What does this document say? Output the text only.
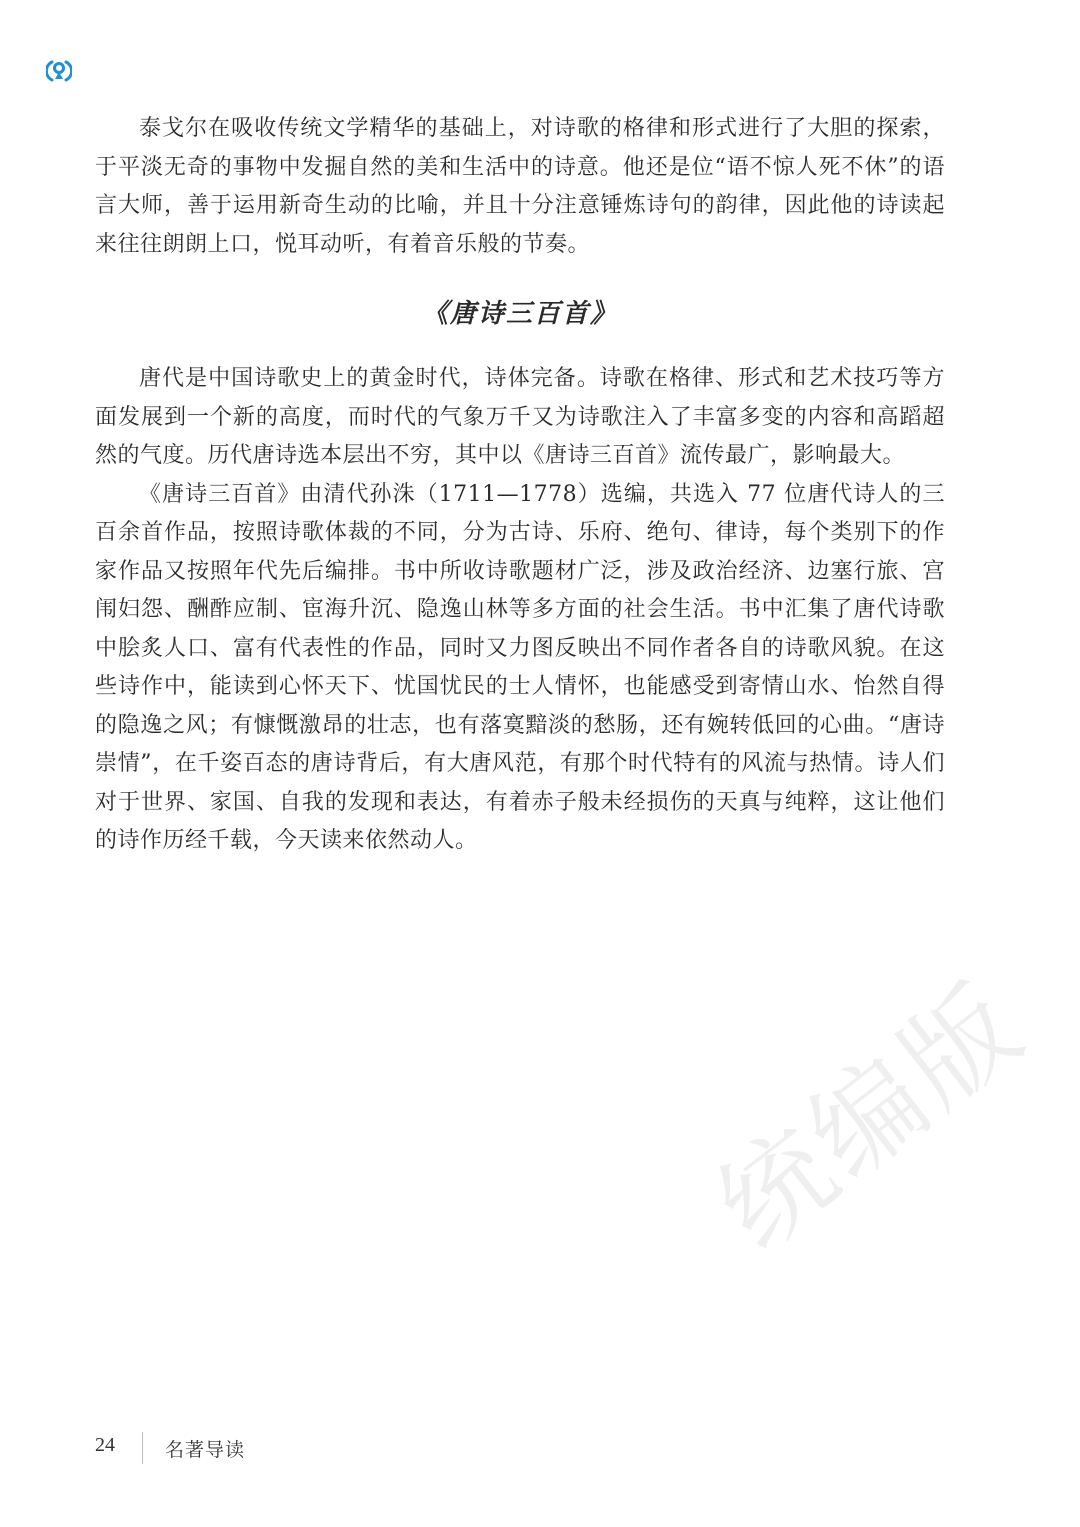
泰戈尔在吸收传统文学精华的基础上，对诗歌的格律和形式进行了大胆的探索，于平淡无奇的事物中发掘自然的美和生活中的诗意。他还是位“语不惊人死不休”的语言大师，善于运用新奇生动的比喻，并且十分注意锤炼诗句的韵律，因此他的诗读起来往往朗朗上口，悦耳动听，有着音乐般的节奏。

《唐诗三百首》

唐代是中国诗歌史上的黄金时代，诗体完备。诗歌在格律、形式和艺术技巧等方面发展到一个新的高度，而时代的气象万千又为诗歌注入了丰富多变的内容和高蹈超然的气度。历代唐诗选本层出不穷，其中以《唐诗三百首》流传最广，影响最大。

《唐诗三百首》由清代孙洙（1711—1778）选编，共选入 77 位唐代诗人的三百余首作品，按照诗歌体裁的不同，分为古诗、乐府、绝句、律诗，每个类别下的作家作品又按照年代先后编排。书中所收诗歌题材广泛，涉及政治经济、边塞行旅、宫闱妇怨、酬酢应制、宦海升沉、隐逸山林等多方面的社会生活。书中汇集了唐代诗歌中脍炙人口、富有代表性的作品，同时又力图反映出不同作者各自的诗歌风貌。在这些诗作中，能读到心怀天下、忧国忧民的士人情怀，也能感受到寄情山水、怡然自得的隐逸之风；有慷慨激昂的壮志，也有落寞黯淡的愁肠，还有婉转低回的心曲。“唐诗崇情”，在千姿百态的唐诗背后，有大唐风范，有那个时代特有的风流与热情。诗人们对于世界、家国、自我的发现和表达，有着赤子般未经损伤的天真与纯粹，这让他们的诗作历经千载，今天读来依然动人。

统编版
24	名著导读
